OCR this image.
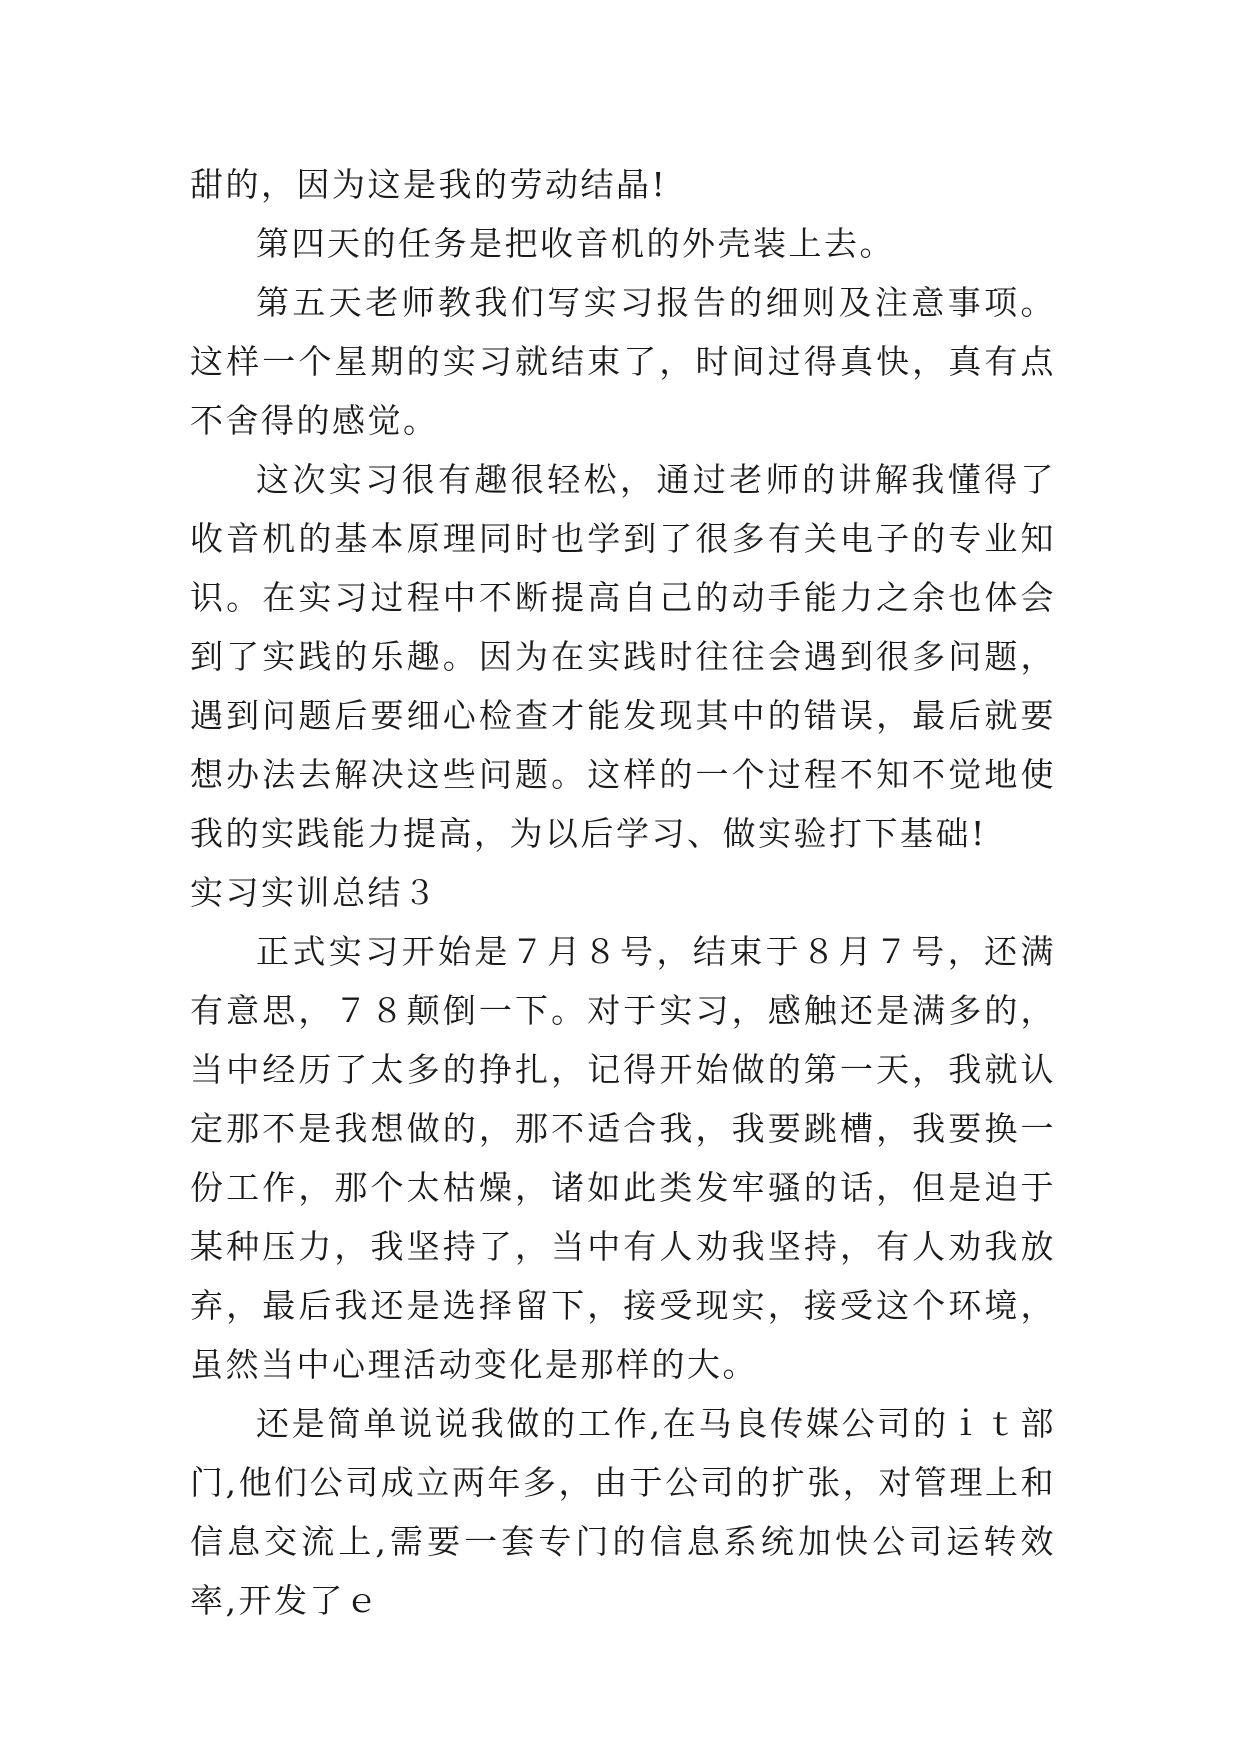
甜的，因为这是我的劳动结晶!

第四天的任务是把收音机的外壳装上去。

第五天老师教我们写实习报告的细则及注意事项。这样一个星期的实习就结束了，时间过得真快，真有点不舍得的感觉。

这次实习很有趣很轻松，通过老师的讲解我懂得了收音机的基本原理同时也学到了很多有关电子的专业知识。在实习过程中不断提高自己的动手能力之余也体会到了实践的乐趣。因为在实践时往往会遇到很多问题，遇到问题后要细心检查才能发现其中的错误，最后就要想办法去解决这些问题。这样的一个过程不知不觉地使我的实践能力提高，为以后学习、做实验打下基础!

实习实训总结３

正式实习开始是７月８号，结束于８月７号，还满有意思，７８颠倒一下。对于实习，感触还是满多的，当中经历了太多的挣扎，记得开始做的第一天，我就认定那不是我想做的，那不适合我，我要跳槽，我要换一份工作，那个太枯燥，诸如此类发牢骚的话，但是迫于某种压力，我坚持了，当中有人劝我坚持，有人劝我放弃，最后我还是选择留下，接受现实，接受这个环境，虽然当中心理活动变化是那样的大。

还是简单说说我做的工作,在马良传媒公司的ｉｔ部门,他们公司成立两年多，由于公司的扩张，对管理上和信息交流上,需要一套专门的信息系统加快公司运转效率,开发了ｅ
